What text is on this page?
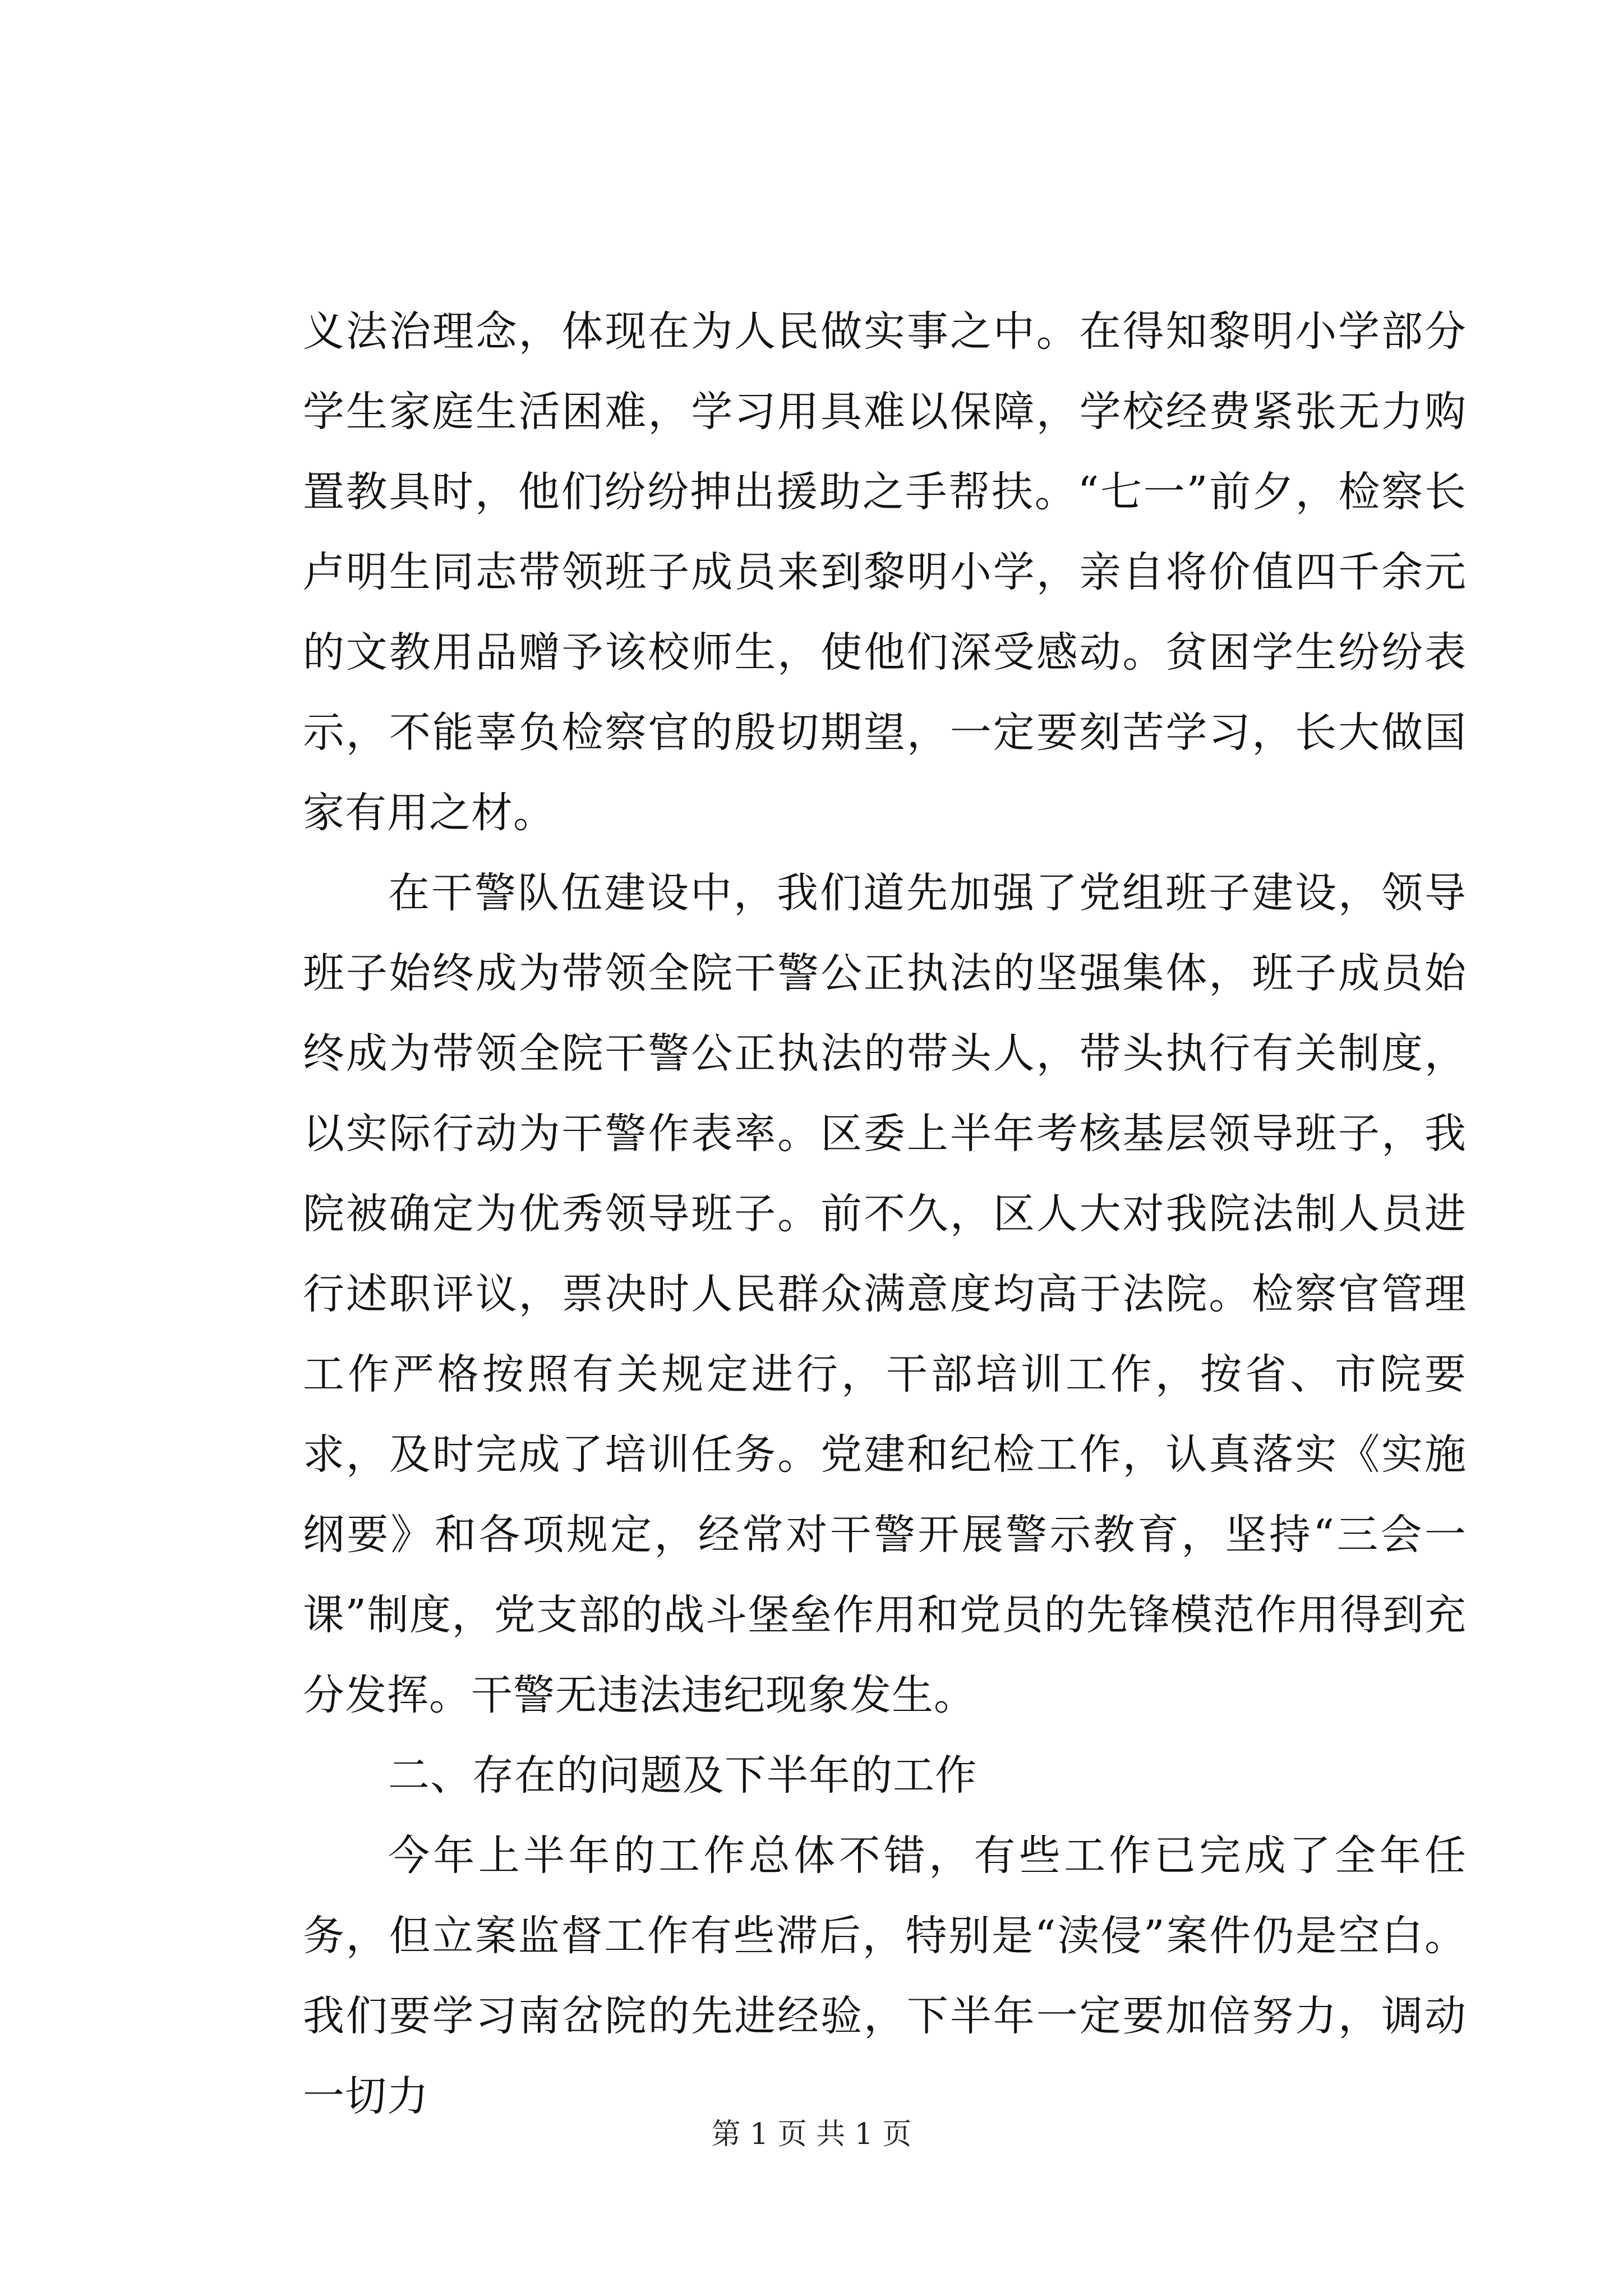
义法治理念，体现在为人民做实事之中。在得知黎明小学部分学生家庭生活困难，学习用具难以保障，学校经费紧张无力购置教具时，他们纷纷抻出援助之手帮扶。“七一”前夕，检察长卢明生同志带领班子成员来到黎明小学，亲自将价值四千余元的文教用品赠予该校师生，使他们深受感动。贫困学生纷纷表示，不能辜负检察官的殷切期望，一定要刻苦学习，长大做国家有用之材。

在干警队伍建设中，我们道先加强了党组班子建设，领导班子始终成为带领全院干警公正执法的坚强集体，班子成员始终成为带领全院干警公正执法的带头人，带头执行有关制度，以实际行动为干警作表率。区委上半年考核基层领导班子，我院被确定为优秀领导班子。前不久，区人大对我院法制人员进行述职评议，票决时人民群众满意度均高于法院。检察官管理工作严格按照有关规定进行，干部培训工作，按省、市院要求，及时完成了培训任务。党建和纪检工作，认真落实《实施纲要》和各项规定，经常对干警开展警示教育，坚持“三会一课”制度，党支部的战斗堡垒作用和党员的先锋模范作用得到充分发挥。干警无违法违纪现象发生。

二、存在的问题及下半年的工作

今年上半年的工作总体不错，有些工作已完成了全年任务，但立案监督工作有些滞后，特别是“渎侵”案件仍是空白。我们要学习南岔院的先进经验，下半年一定要加倍努力，调动一切力

第 1 页 共 1 页
